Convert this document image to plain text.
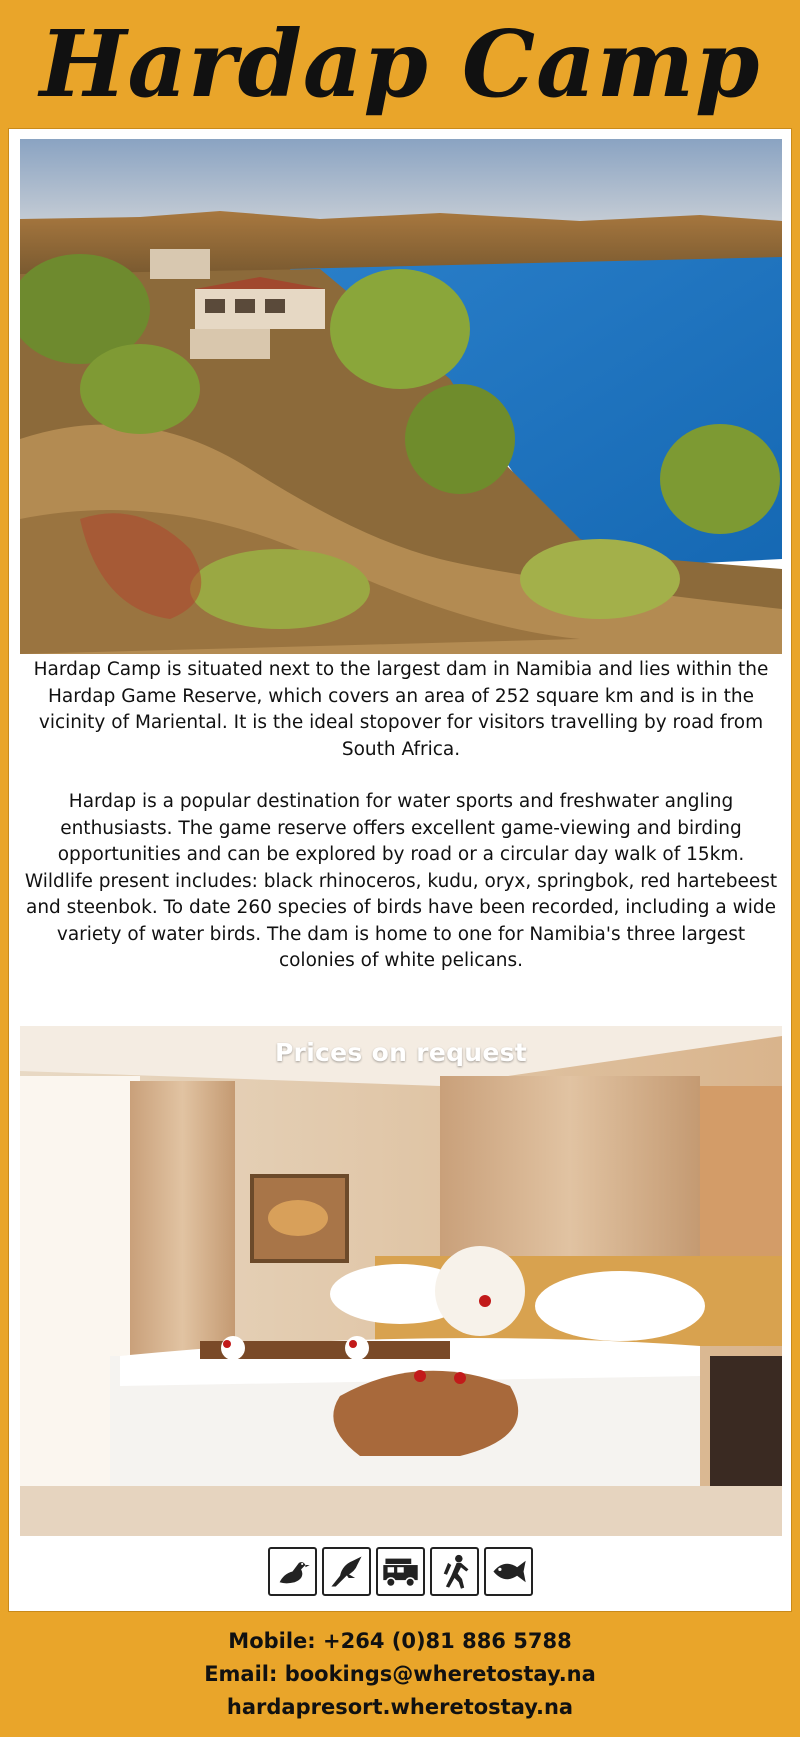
Hardap Camp

Hardap Camp is situated next to the largest dam in Namibia and lies within the Hardap Game Reserve, which covers an area of 252 square km and is in the vicinity of Mariental. It is the ideal stopover for visitors travelling by road from South Africa.

Hardap is a popular destination for water sports and freshwater angling enthusiasts. The game reserve offers excellent game-viewing and birding opportunities and can be explored by road or a circular day walk of 15km. Wildlife present includes: black rhinoceros, kudu, oryx, springbok, red hartebeest and steenbok. To date 260 species of birds have been recorded, including a wide variety of water birds. The dam is home to one for Namibia's three largest colonies of white pelicans.

Prices on request
Mobile: +264 (0)81 886 5788
Email: bookings@wheretostay.na
hardapresort.wheretostay.na
